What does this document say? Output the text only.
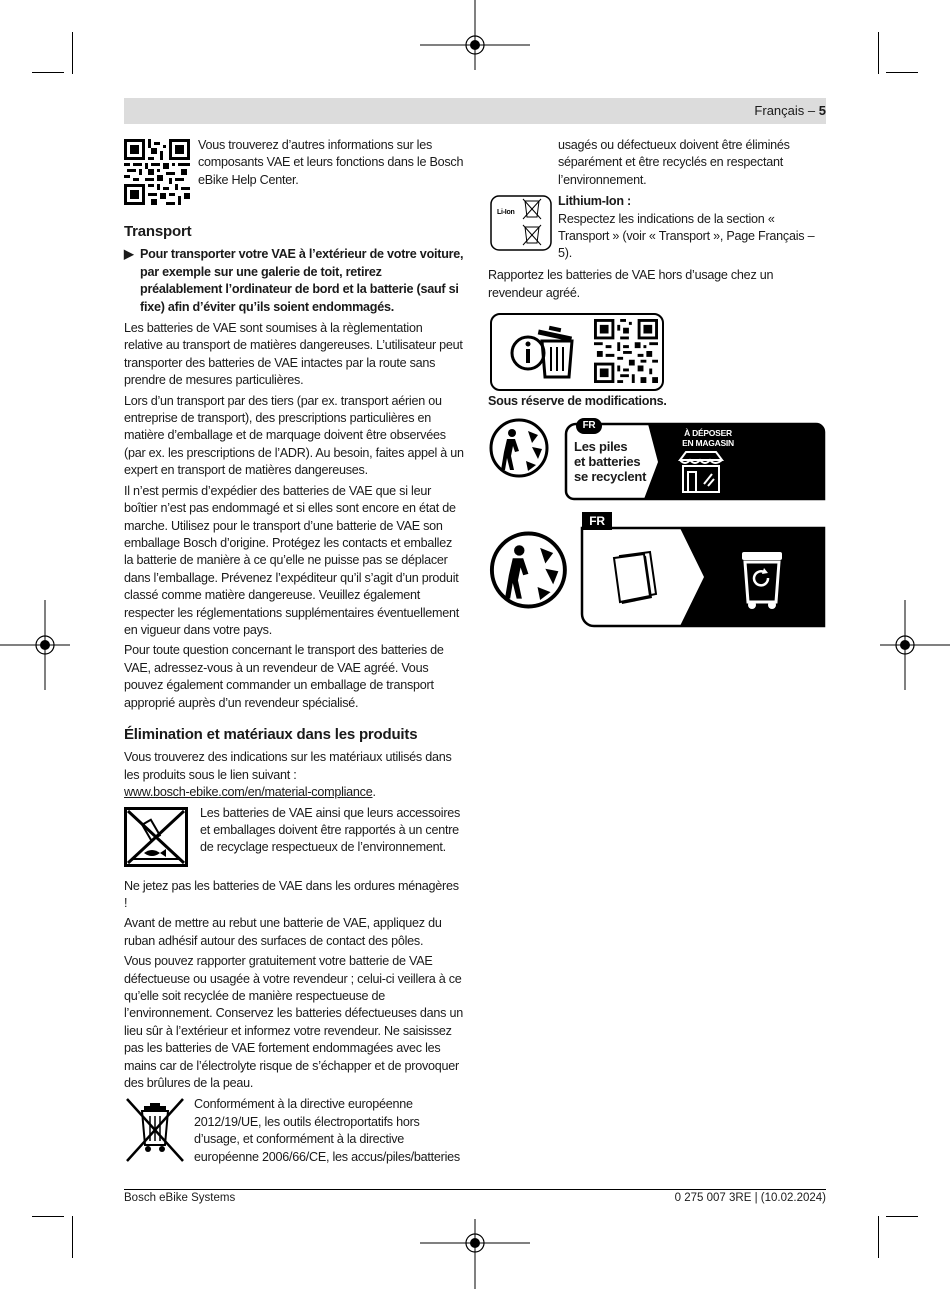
Français – 5

Vous trouverez d’autres informations sur les composants VAE et leurs fonctions dans le Bosch eBike Help Center.

Transport
▶ Pour transporter votre VAE à l’extérieur de votre voiture, par exemple sur une galerie de toit, retirez préalablement l’ordinateur de bord et la batterie (sauf si fixe) afin d’éviter qu’ils soient endommagés.

Les batteries de VAE sont soumises à la règlementation relative au transport de matières dangereuses. L’utilisateur peut transporter des batteries de VAE intactes par la route sans prendre de mesures particulières.

Lors d’un transport par des tiers (par ex. transport aérien ou entreprise de transport), des prescriptions particulières en matière d’emballage et de marquage doivent être observées (par ex. les prescriptions de l’ADR). Au besoin, faites appel à un expert en transport de matières dangereuses.

Il n’est permis d’expédier des batteries de VAE que si leur boîtier n’est pas endommagé et si elles sont encore en état de marche. Utilisez pour le transport d’une batterie de VAE son emballage Bosch d’origine. Protégez les contacts et emballez la batterie de manière à ce qu’elle ne puisse pas se déplacer dans l’emballage. Prévenez l’expéditeur qu’il s’agit d’un produit classé comme matière dangereuse. Veuillez également respecter les réglementations supplémentaires éventuellement en vigueur dans votre pays.

Pour toute question concernant le transport des batteries de VAE, adressez-vous à un revendeur de VAE agréé. Vous pouvez également commander un emballage de transport approprié auprès d’un revendeur spécialisé.

Élimination et matériaux dans les produits

Vous trouverez des indications sur les matériaux utilisés dans les produits sous le lien suivant :
www.bosch-ebike.com/en/material-compliance.

Les batteries de VAE ainsi que leurs accessoires et emballages doivent être rapportés à un centre de recyclage respectueux de l’environnement.

Ne jetez pas les batteries de VAE dans les ordures ménagères !

Avant de mettre au rebut une batterie de VAE, appliquez du ruban adhésif autour des surfaces de contact des pôles.

Vous pouvez rapporter gratuitement votre batterie de VAE défectueuse ou usagée à votre revendeur ; celui-ci veillera à ce qu’elle soit recyclée de manière respectueuse de l’environnement. Conservez les batteries défectueuses dans un lieu sûr à l’extérieur et informez votre revendeur. Ne saisissez pas les batteries de VAE fortement endommagées avec les mains car de l’électrolyte risque de s’échapper et de provoquer des brûlures de la peau.

Conformément à la directive européenne 2012/19/UE, les outils électroportatifs hors d’usage, et conformément à la directive européenne 2006/66/CE, les accus/piles/batteries

usagés ou défectueux doivent être éliminés séparément et être recyclés en respectant l’environnement.

Li-Ion

Lithium-Ion :

Respectez les indications de la section « Transport » (voir « Transport », Page Français – 5).

Rapportez les batteries de VAE hors d’usage chez un revendeur agréé.

Sous réserve de modifications.

FR
Les piles
et batteries
se recyclent
À DÉPOSER
EN MAGASIN
FR
Bosch eBike Systems	0 275 007 3RE | (10.02.2024)
